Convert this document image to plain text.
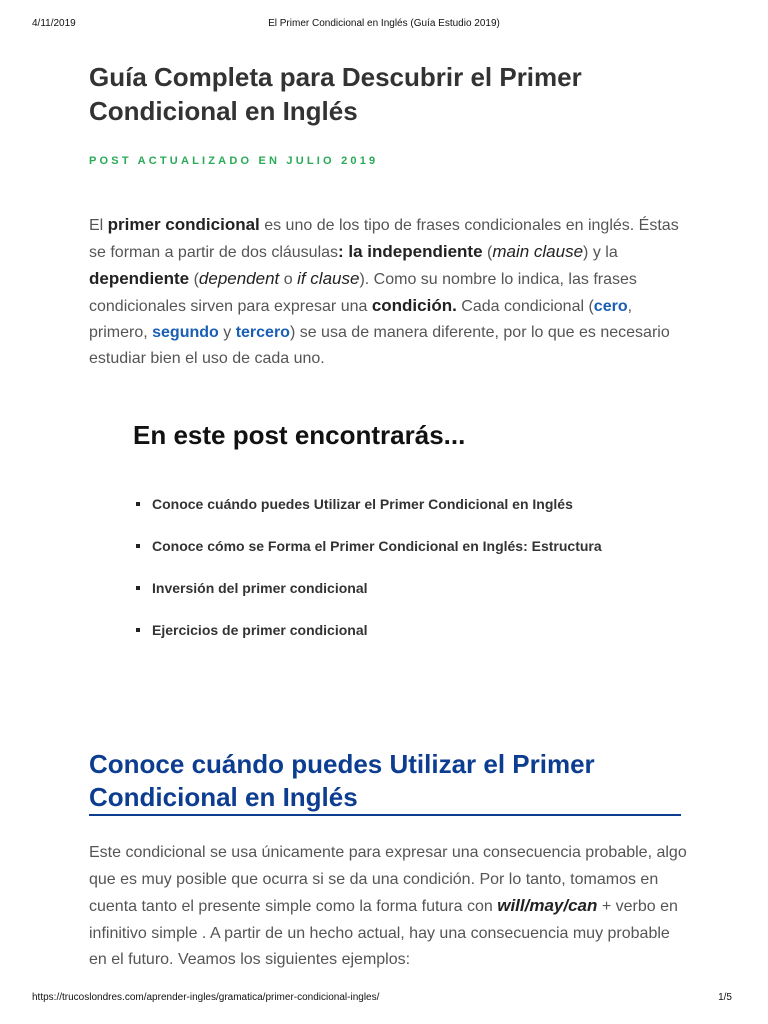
4/11/2019	El Primer Condicional en Inglés (Guía Estudio 2019)
Guía Completa para Descubrir el Primer Condicional en Inglés

POST ACTUALIZADO EN JULIO 2019

El primer condicional es uno de los tipo de frases condicionales en inglés. Éstas se forman a partir de dos cláusulas: la independiente (main clause) y la dependiente (dependent o if clause). Como su nombre lo indica, las frases condicionales sirven para expresar una condición. Cada condicional (cero, primero, segundo y tercero) se usa de manera diferente, por lo que es necesario estudiar bien el uso de cada uno.

En este post encontrarás...
Conoce cuándo puedes Utilizar el Primer Condicional en Inglés
Conoce cómo se Forma el Primer Condicional en Inglés: Estructura
Inversión del primer condicional
Ejercicios de primer condicional
Conoce cuándo puedes Utilizar el Primer Condicional en Inglés

Este condicional se usa únicamente para expresar una consecuencia probable, algo que es muy posible que ocurra si se da una condición. Por lo tanto, tomamos en cuenta tanto el presente simple como la forma futura con will/may/can + verbo en infinitivo simple . A partir de un hecho actual, hay una consecuencia muy probable en el futuro. Veamos los siguientes ejemplos:

https://trucoslondres.com/aprender-ingles/gramatica/primer-condicional-ingles/	1/5
